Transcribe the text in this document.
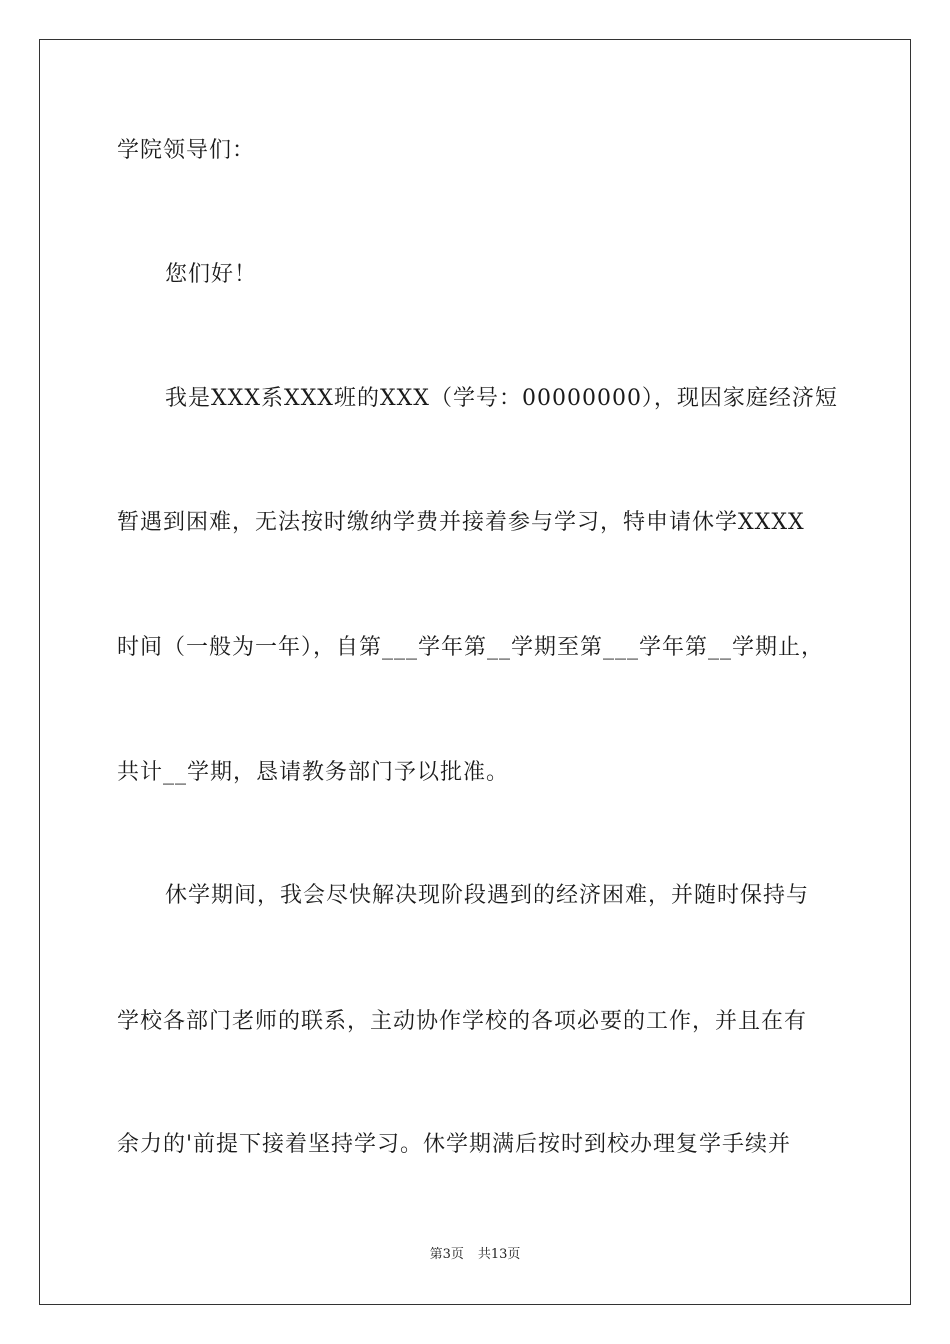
学院领导们：
您们好！
我是XXX系XXX班的XXX（学号：00000000），现因家庭经济短
暂遇到困难，无法按时缴纳学费并接着参与学习，特申请休学XXXX
时间（一般为一年），自第___学年第__学期至第___学年第__学期止，
共计__学期，恳请教务部门予以批准。
休学期间，我会尽快解决现阶段遇到的经济困难，并随时保持与
学校各部门老师的联系，主动协作学校的各项必要的工作，并且在有
余力的'前提下接着坚持学习。休学期满后按时到校办理复学手续并
第3页 共13页
